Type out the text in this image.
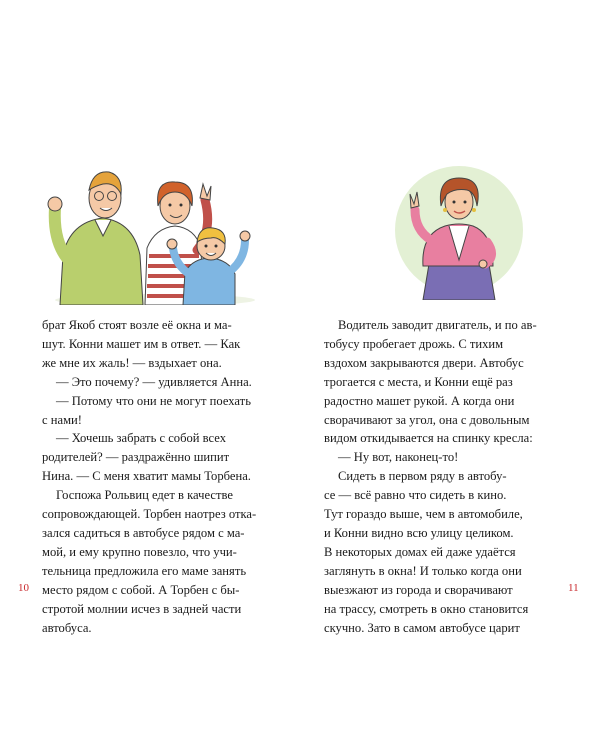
брат Якоб стоят возле её окна и ма-

шут. Конни машет им в ответ. — Как

же мне их жаль! — вздыхает она.

— Это почему? — удивляется Анна.

— Потому что они не могут поехать

с нами!

— Хочешь забрать с собой всех

родителей? — раздражённо шипит

Нина. — С меня хватит мамы Торбена.

Госпожа Рольвиц едет в качестве

сопровождающей. Торбен наотрез отка-

зался садиться в автобусе рядом с ма-

мой, и ему крупно повезло, что учи-

тельница предложила его маме занять

место рядом с собой. А Торбен с бы-

стротой молнии исчез в задней части

автобуса.

10

Водитель заводит двигатель, и по ав-

тобусу пробегает дрожь. С тихим

вздохом закрываются двери. Автобус

трогается с места, и Конни ещё раз

радостно машет рукой. А когда они

сворачивают за угол, она с довольным

видом откидывается на спинку кресла:

— Ну вот, наконец-то!

Сидеть в первом ряду в автобу-

се — всё равно что сидеть в кино.

Тут гораздо выше, чем в автомобиле,

и Конни видно всю улицу целиком.

В некоторых домах ей даже удаётся

заглянуть в окна! И только когда они

выезжают из города и сворачивают

на трассу, смотреть в окно становится

скучно. Зато в самом автобусе царит

11
